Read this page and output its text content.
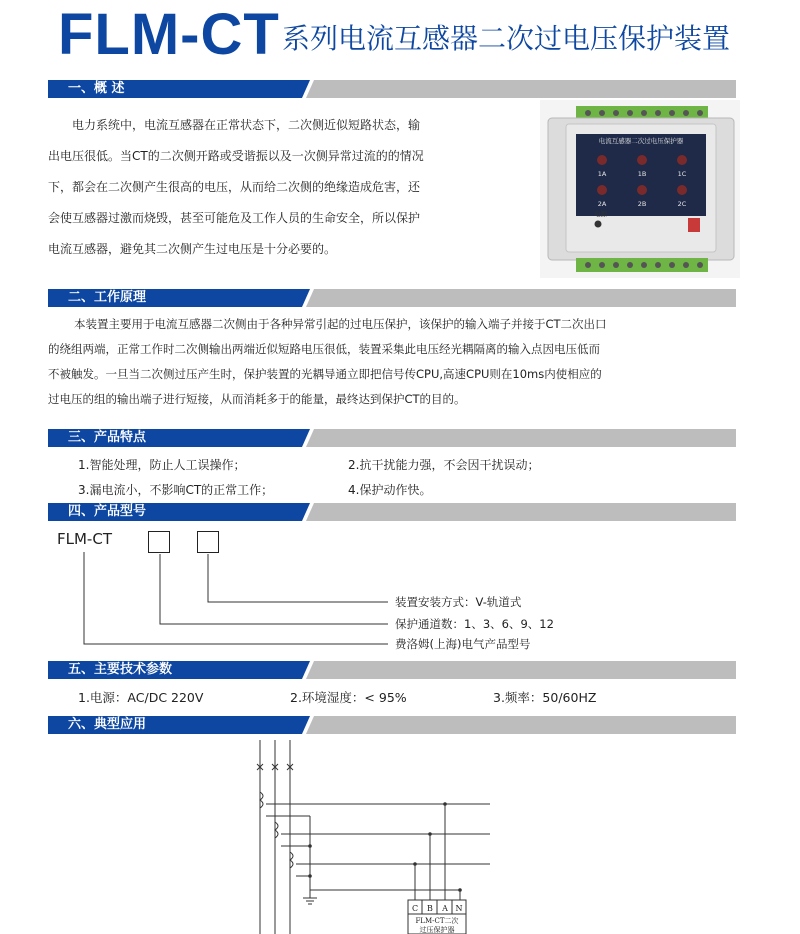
FLM-CT 系列电流互感器二次过电压保护装置
一、概 述
电力系统中，电流互感器在正常状态下，二次侧近似短路状态，输
出电压很低。当CT的二次侧开路或受谐振以及一次侧异常过流的的情况
下，都会在二次侧产生很高的电压，从而给二次侧的绝缘造成危害，还
会使互感器过激而烧毁，甚至可能危及工作人员的生命安全，所以保护
电流互感器，避免其二次侧产生过电压是十分必要的。
电流互感器二次过电压保护器
1A	1B	1C
2A	2B	2C
电源
二、工作原理
本装置主要用于电流互感器二次侧由于各种异常引起的过电压保护，该保护的输入端子并接于CT二次出口
的绕组两端，正常工作时二次侧输出两端近似短路电压很低，装置采集此电压经光耦隔离的输入点因电压低而
不被触发。一旦当二次侧过压产生时，保护装置的光耦导通立即把信号传CPU,高速CPU则在10ms内使相应的
过电压的组的输出端子进行短接，从而消耗多于的能量，最终达到保护CT的目的。
三、产品特点
1.智能处理，防止人工误操作；	2.抗干扰能力强，不会因干扰误动；
3.漏电流小，不影响CT的正常工作；	4.保护动作快。
四、产品型号
FLM-CT
装置安装方式：V-轨道式
保护通道数：1、3、6、9、12
费洛姆(上海)电气产品型号
五、主要技术参数
1.电源：AC/DC 220V	2.环境湿度：< 95%	3.频率：50/60HZ
六、典型应用
C B A N
FLM-CT二次
过压保护器
